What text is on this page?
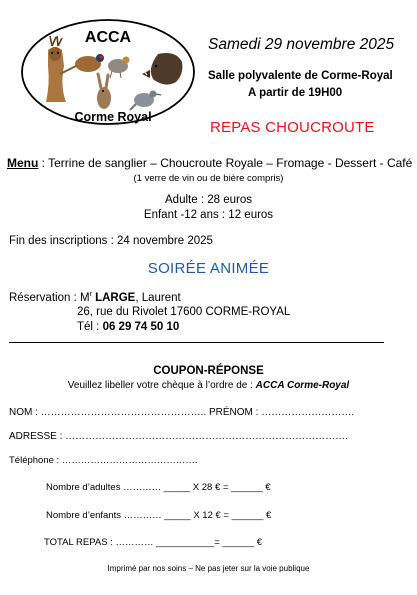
ACCA
Corme Royal
Samedi 29 novembre 2025
Salle polyvalente de Corme-Royal
A partir de 19H00
REPAS CHOUCROUTE
Menu : Terrine de sanglier – Choucroute Royale – Fromage - Dessert - Café
(1 verre de vin ou de bière compris)
Adulte : 28 euros
Enfant -12 ans : 12 euros
Fin des inscriptions : 24 novembre 2025
SOIRÉE ANIMÉE
Réservation : $M^r$ LARGE, Laurent
26, rue du Rivolet 17600 CORME-ROYAL
Tél : 06 29 74 50 10
COUPON-RÉPONSE
Veuillez libeller votre chèque à l’ordre de : ACCA Corme-Royal
NOM : ………………………………………….. PRÉNOM : ……………………….
ADRESSE : ………………………………………………………………………….
Téléphone : …………………………………….
Nombre d’adultes ………… _____ X 28 € = ______ €
Nombre d’enfants ………… _____ X 12 € = ______ €
TOTAL REPAS : ………… ___________= ______ €
Imprimé par nos soins – Ne pas jeter sur la voie publique
